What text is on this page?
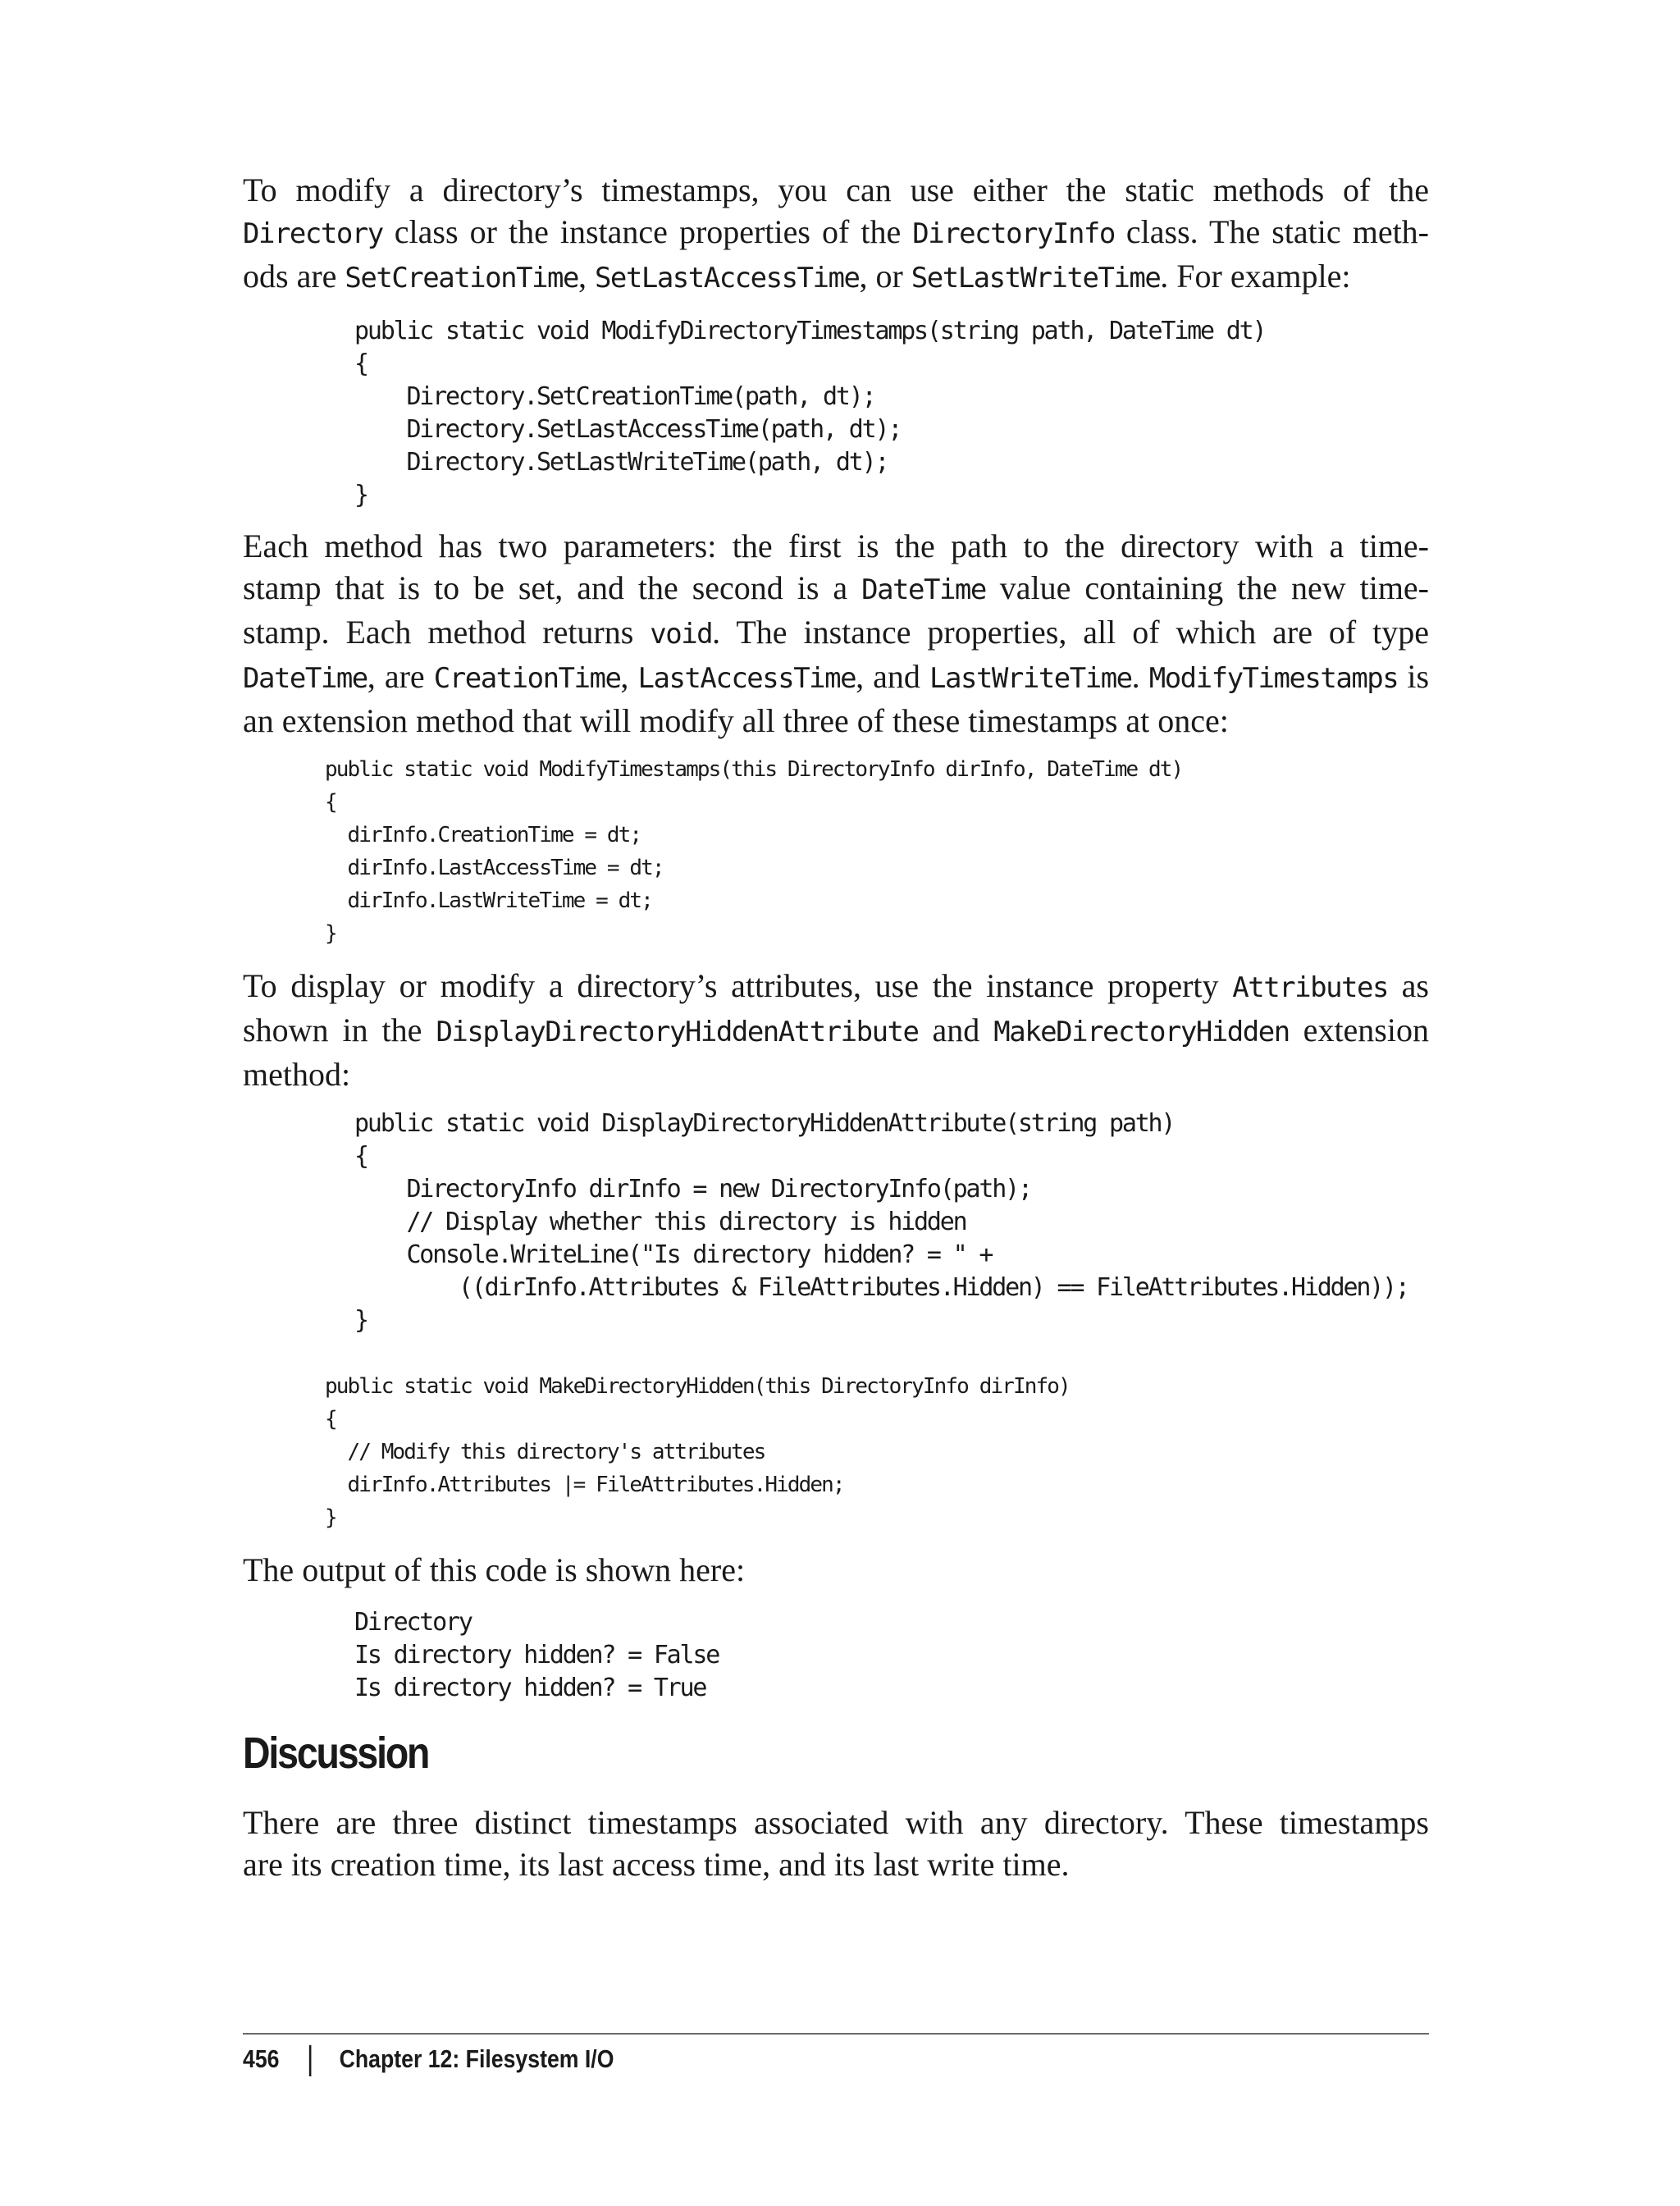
To modify a directory’s timestamps, you can use either the static methods of the
Directory class or the instance properties of the DirectoryInfo class. The static meth-
ods are SetCreationTime, SetLastAccessTime, or SetLastWriteTime. For example:

public static void ModifyDirectoryTimestamps(string path, DateTime dt)
{
Directory.SetCreationTime(path, dt);
Directory.SetLastAccessTime(path, dt);
Directory.SetLastWriteTime(path, dt);
}

Each method has two parameters: the first is the path to the directory with a time-
stamp that is to be set, and the second is a DateTime value containing the new time-
stamp. Each method returns void. The instance properties, all of which are of type
DateTime, are CreationTime, LastAccessTime, and LastWriteTime. ModifyTimestamps is
an extension method that will modify all three of these timestamps at once:

public static void ModifyTimestamps(this DirectoryInfo dirInfo, DateTime dt)
{
dirInfo.CreationTime = dt;
dirInfo.LastAccessTime = dt;
dirInfo.LastWriteTime = dt;
}

To display or modify a directory’s attributes, use the instance property Attributes as
shown in the DisplayDirectoryHiddenAttribute and MakeDirectoryHidden extension
method:

public static void DisplayDirectoryHiddenAttribute(string path)
{
DirectoryInfo dirInfo = new DirectoryInfo(path);
// Display whether this directory is hidden
Console.WriteLine("Is directory hidden? = " +
((dirInfo.Attributes & FileAttributes.Hidden) == FileAttributes.Hidden));
}
public static void MakeDirectoryHidden(this DirectoryInfo dirInfo)
{
// Modify this directory's attributes
dirInfo.Attributes |= FileAttributes.Hidden;
}

The output of this code is shown here:

Directory
Is directory hidden? = False
Is directory hidden? = True
Discussion

There are three distinct timestamps associated with any directory. These timestamps
are its creation time, its last access time, and its last write time.

456 Chapter 12: Filesystem I/O
